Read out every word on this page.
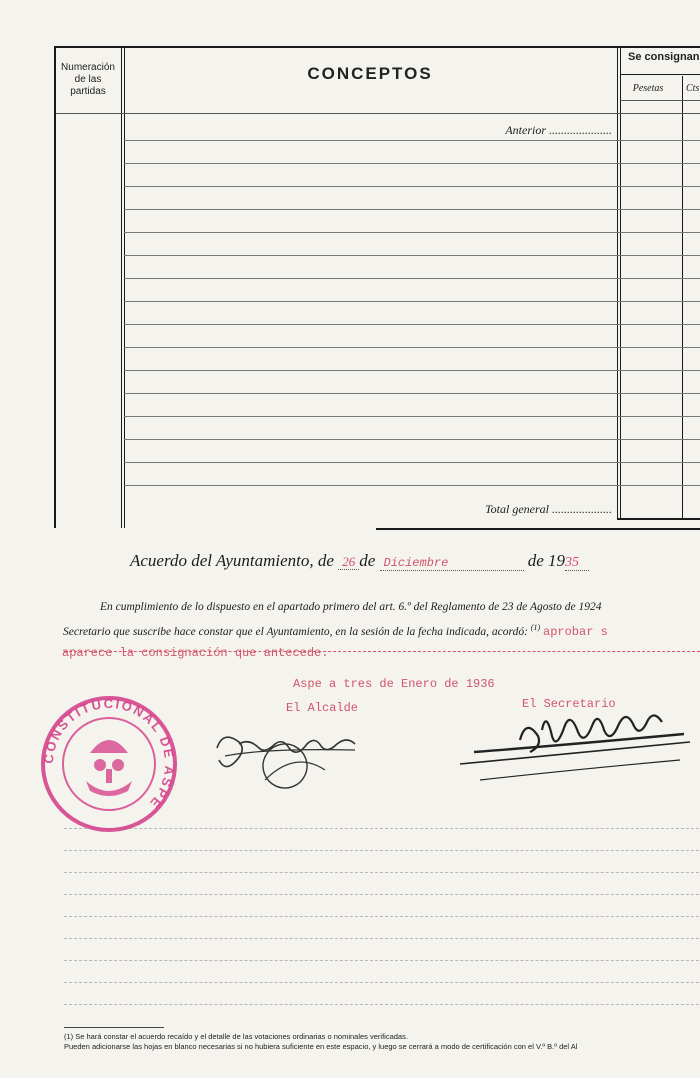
Numeración de las partidas
CONCEPTOS
Se consignan
Pesetas	Cts
Anterior .....................
Total general ....................
Acuerdo del Ayuntamiento, de 26 de Diciembre	de 1935
En cumplimiento de lo dispuesto en el apartado primero del art. 6.º del Reglamento de 23 de Agosto de 1924
Secretario que suscribe hace constar que el Ayuntamiento, en la sesión de la fecha indicada, acordó: $^{(1)}$ aprobar s
aparece la consignación que antecede.
Aspe a tres de Enero de 1936
El Alcalde	El Secretario
CONSTITUCIONAL DE ASPE
(1) Se hará constar el acuerdo recaído y el detalle de las votaciones ordinarias o nominales verificadas.
Pueden adicionarse las hojas en blanco necesarias si no hubiera suficiente en este espacio, y luego se cerrará a modo de certificación con el V.º B.º del Al
